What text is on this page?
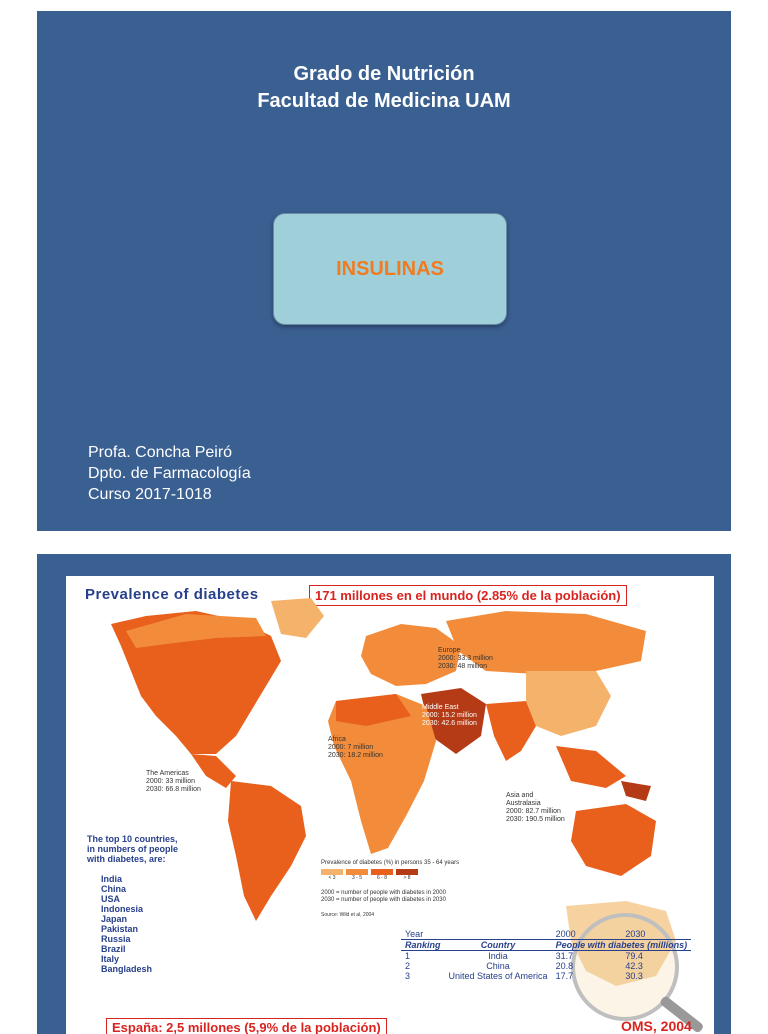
Grado de Nutrición
Facultad de Medicina UAM
INSULINAS
Profa. Concha Peiró
Dpto. de Farmacología
Curso 2017-1018
Prevalence of diabetes	171 millones en el mundo (2.85% de la población)
Europe
2000: 33.3 million
2030: 48 million
Middle East
2000: 15.2 million
2030: 42.6 million
Africa
2000: 7 million
2030: 18.2 million
The Americas
2000: 33 million
2030: 66.8 million
Asia and
Australasia
2000: 82.7 million
2030: 190.5 million
The top 10 countries,
in numbers of people
with diabetes, are:
India
China
USA
Indonesia
Japan
Pakistan
Russia
Brazil
Italy
Bangladesh
Prevalence of diabetes (%) in persons 35 - 64 years
< 3	3 - 5	6 - 8	> 8
2000 = number of people with diabetes in 2000
2030 = number of people with diabetes in 2030
Source: Wild et al, 2004
Year		2000	2030
Ranking	Country	People with diabetes (millions)	
1	India	31.7	79.4
2	China	20.8	42.3
3	United States of America	17.7	30.3
España: 2,5 millones (5,9% de la población)	OMS, 2004
